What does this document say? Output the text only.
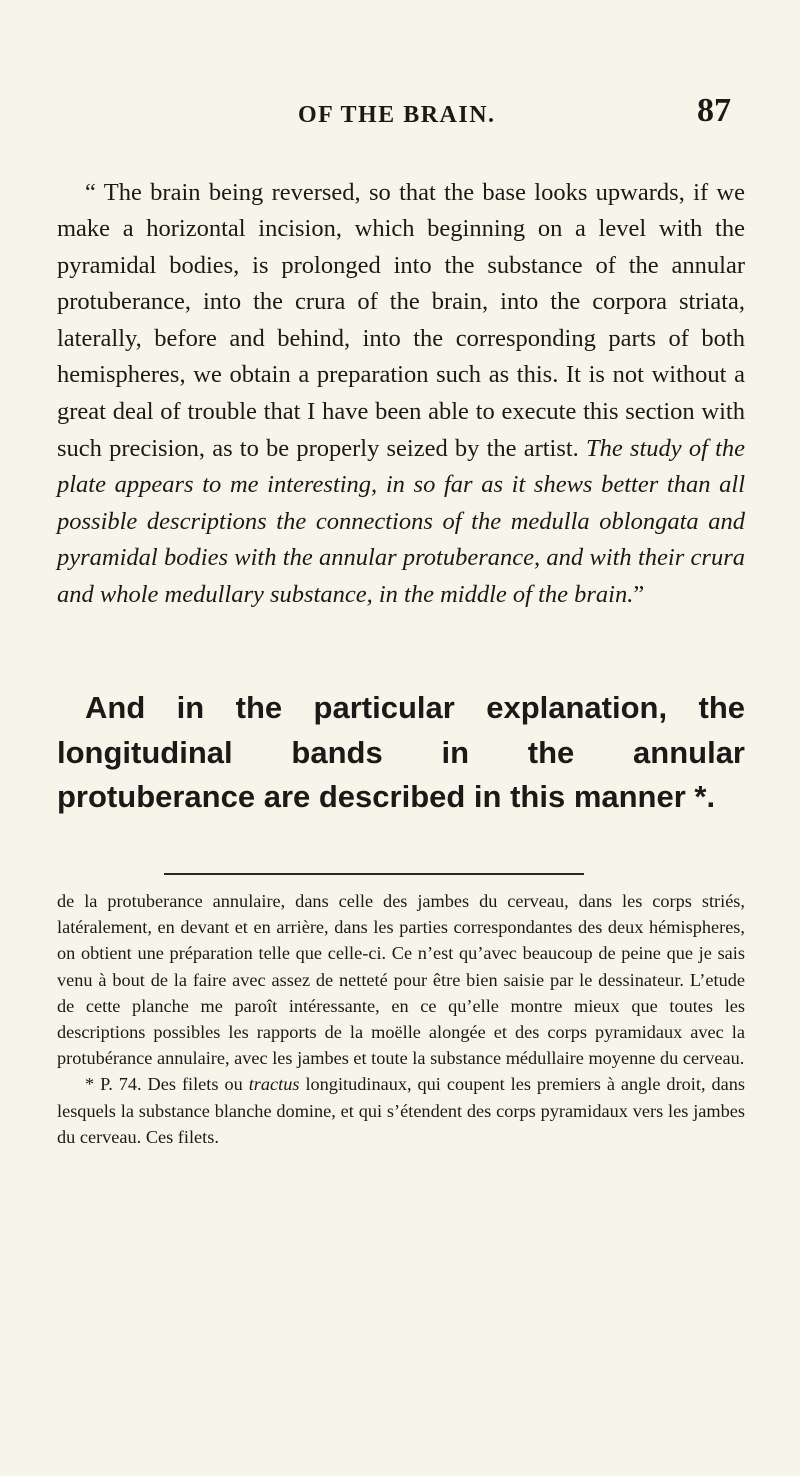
OF THE BRAIN.	87

“ The brain being reversed, so that the base looks upwards, if we make a horizontal incision, which beginning on a level with the pyramidal bodies, is prolonged into the substance of the annular protuberance, into the crura of the brain, into the corpora striata, laterally, before and behind, into the corresponding parts of both hemispheres, we obtain a preparation such as this. It is not without a great deal of trouble that I have been able to execute this section with such precision, as to be properly seized by the artist. The study of the plate appears to me interesting, in so far as it shews better than all possible descriptions the connections of the medulla oblongata and pyramidal bodies with the annular protuberance, and with their crura and whole medullary substance, in the middle of the brain.”

And in the particular explanation, the longitudinal bands in the annular protuberance are described in this manner *.

de la protuberance annulaire, dans celle des jambes du cerveau, dans les corps striés, latéralement, en devant et en arrière, dans les parties correspondantes des deux hémispheres, on obtient une préparation telle que celle-ci. Ce n’est qu’avec beaucoup de peine que je sais venu à bout de la faire avec assez de netteté pour être bien saisie par le dessinateur. L’etude de cette planche me paroît intéressante, en ce qu’elle montre mieux que toutes les descriptions possibles les rapports de la moëlle alongée et des corps pyramidaux avec la protubérance annulaire, avec les jambes et toute la substance médullaire moyenne du cerveau.

* P. 74. Des filets ou tractus longitudinaux, qui coupent les premiers à angle droit, dans lesquels la substance blanche domine, et qui s’étendent des corps pyramidaux vers les jambes du cerveau. Ces filets.
